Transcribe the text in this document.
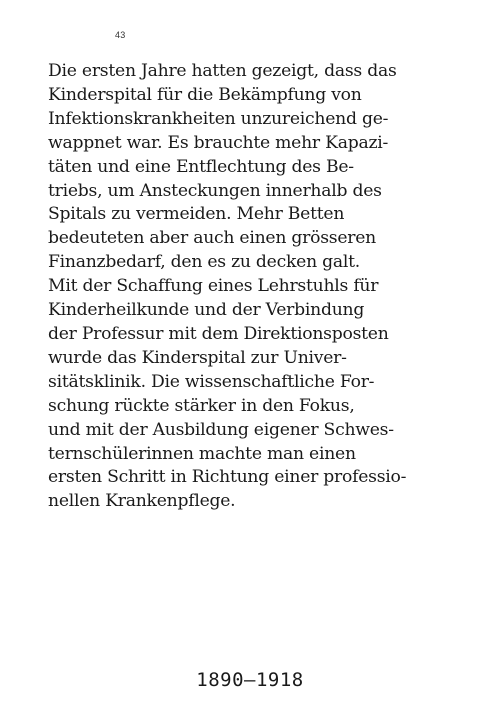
43

Die ersten Jahre hatten gezeigt, dass das
Kinderspital für die Bekämpfung von
Infektionskrankheiten unzureichend ge-
wappnet war. Es brauchte mehr Kapazi-
täten und eine Entflechtung des Be-
triebs, um Ansteckungen innerhalb des
Spitals zu vermeiden. Mehr Betten
bedeuteten aber auch einen grösseren
Finanzbedarf, den es zu decken galt.
Mit der Schaffung eines Lehrstuhls für
Kinderheilkunde und der Verbindung
der Professur mit dem Direktionsposten
wurde das Kinderspital zur Univer-
sitätsklinik. Die wissenschaftliche For-
schung rückte stärker in den Fokus,
und mit der Ausbildung eigener Schwes-
ternschülerinnen machte man einen
ersten Schritt in Richtung einer professio-
nellen Krankenpflege.

1890—1918
